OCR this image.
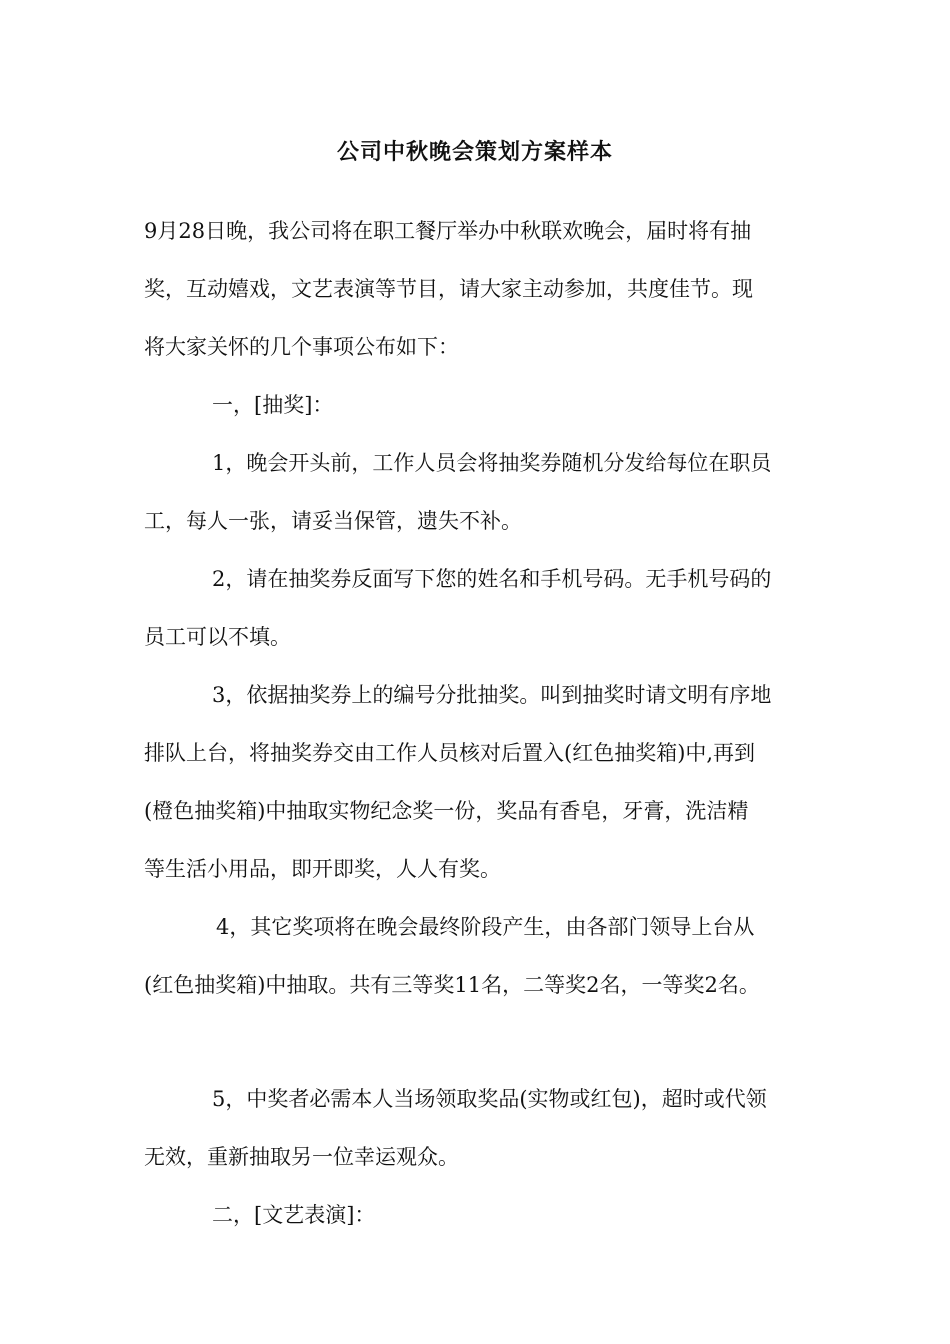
公司中秋晚会策划方案样本
9月28日晚，我公司将在职工餐厅举办中秋联欢晚会，届时将有抽
奖，互动嬉戏，文艺表演等节目，请大家主动参加，共度佳节。现
将大家关怀的几个事项公布如下：
一，[抽奖]：
1，晚会开头前，工作人员会将抽奖券随机分发给每位在职员
工，每人一张，请妥当保管，遗失不补。
2，请在抽奖券反面写下您的姓名和手机号码。无手机号码的
员工可以不填。
3，依据抽奖券上的编号分批抽奖。叫到抽奖时请文明有序地
排队上台，将抽奖券交由工作人员核对后置入(红色抽奖箱)中,再到
(橙色抽奖箱)中抽取实物纪念奖一份，奖品有香皂，牙膏，洗洁精
等生活小用品，即开即奖，人人有奖。
4，其它奖项将在晚会最终阶段产生，由各部门领导上台从
(红色抽奖箱)中抽取。共有三等奖11名，二等奖2名，一等奖2名。
5，中奖者必需本人当场领取奖品(实物或红包)，超时或代领
无效，重新抽取另一位幸运观众。
二，[文艺表演]：
